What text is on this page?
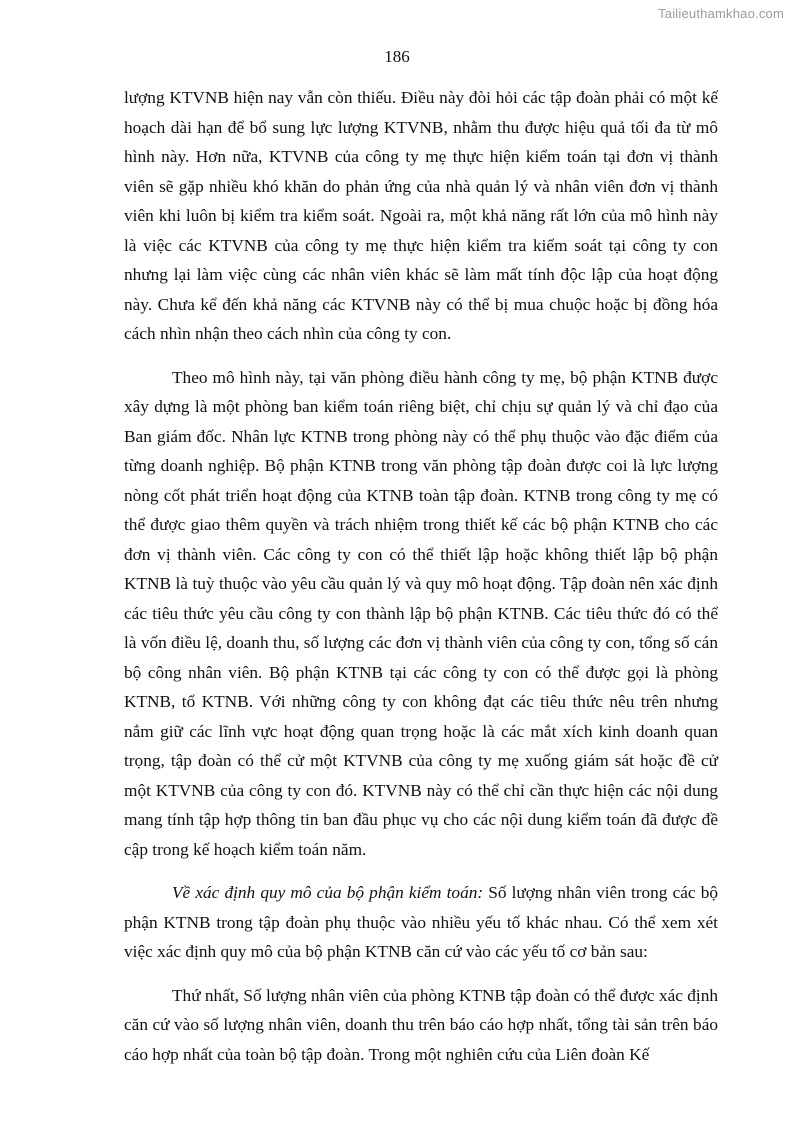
Tailieuthamkhao.com
186

lượng KTVNB hiện nay vẫn còn thiếu. Điều này đòi hỏi các tập đoàn phải có một kế hoạch dài hạn để bổ sung lực lượng KTVNB, nhằm thu được hiệu quả tối đa từ mô hình này. Hơn nữa, KTVNB của công ty mẹ thực hiện kiểm toán tại đơn vị thành viên sẽ gặp nhiều khó khăn do phản ứng của nhà quản lý và nhân viên đơn vị thành viên khi luôn bị kiểm tra kiểm soát. Ngoài ra, một khả năng rất lớn của mô hình này là việc các KTVNB của công ty mẹ thực hiện kiểm tra kiểm soát tại công ty con nhưng lại làm việc cùng các nhân viên khác sẽ làm mất tính độc lập của hoạt động này. Chưa kể đến khả năng các KTVNB này có thể bị mua chuộc hoặc bị đồng hóa cách nhìn nhận theo cách nhìn của công ty con.

Theo mô hình này, tại văn phòng điều hành công ty mẹ, bộ phận KTNB được xây dựng là một phòng ban kiểm toán riêng biệt, chỉ chịu sự quản lý và chỉ đạo của Ban giám đốc. Nhân lực KTNB trong phòng này có thể phụ thuộc vào đặc điểm của từng doanh nghiệp. Bộ phận KTNB trong văn phòng tập đoàn được coi là lực lượng nòng cốt phát triển hoạt động của KTNB toàn tập đoàn. KTNB trong công ty mẹ có thể được giao thêm quyền và trách nhiệm trong thiết kế các bộ phận KTNB cho các đơn vị thành viên. Các công ty con có thể thiết lập hoặc không thiết lập bộ phận KTNB là tuỳ thuộc vào yêu cầu quản lý và quy mô hoạt động. Tập đoàn nên xác định các tiêu thức yêu cầu công ty con thành lập bộ phận KTNB. Các tiêu thức đó có thể là vốn điều lệ, doanh thu, số lượng các đơn vị thành viên của công ty con, tổng số cán bộ công nhân viên. Bộ phận KTNB tại các công ty con có thể được gọi là phòng KTNB, tổ KTNB. Với những công ty con không đạt các tiêu thức nêu trên nhưng nắm giữ các lĩnh vực hoạt động quan trọng hoặc là các mắt xích kinh doanh quan trọng, tập đoàn có thể cử một KTVNB của công ty mẹ xuống giám sát hoặc đề cử một KTVNB của công ty con đó. KTVNB này có thể chỉ cần thực hiện các nội dung mang tính tập hợp thông tin ban đầu phục vụ cho các nội dung kiểm toán đã được đề cập trong kế hoạch kiểm toán năm.

Về xác định quy mô của bộ phận kiểm toán: Số lượng nhân viên trong các bộ phận KTNB trong tập đoàn phụ thuộc vào nhiều yếu tố khác nhau. Có thể xem xét việc xác định quy mô của bộ phận KTNB căn cứ vào các yếu tố cơ bản sau:

Thứ nhất, Số lượng nhân viên của phòng KTNB tập đoàn có thể được xác định căn cứ vào số lượng nhân viên, doanh thu trên báo cáo hợp nhất, tổng tài sản trên báo cáo hợp nhất của toàn bộ tập đoàn. Trong một nghiên cứu của Liên đoàn Kế
